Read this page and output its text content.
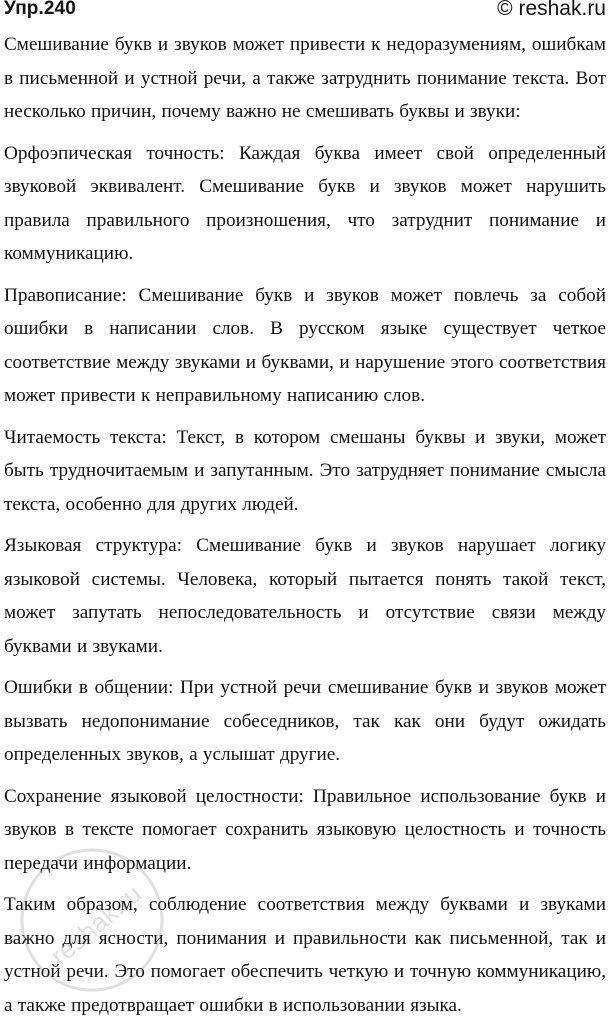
Упр.240	© reshak.ru

Смешивание букв и звуков может привести к недоразумениям, ошибкам в письменной и устной речи, а также затруднить понимание текста. Вот несколько причин, почему важно не смешивать буквы и звуки:

Орфоэпическая точность: Каждая буква имеет свой определенный звуковой эквивалент. Смешивание букв и звуков может нарушить правила правильного произношения, что затруднит понимание и коммуникацию.

Правописание: Смешивание букв и звуков может повлечь за собой ошибки в написании слов. В русском языке существует четкое соответствие между звуками и буквами, и нарушение этого соответствия может привести к неправильному написанию слов.

Читаемость текста: Текст, в котором смешаны буквы и звуки, может быть трудночитаемым и запутанным. Это затрудняет понимание смысла текста, особенно для других людей.

Языковая структура: Смешивание букв и звуков нарушает логику языковой системы. Человека, который пытается понять такой текст, может запутать непоследовательность и отсутствие связи между буквами и звуками.

Ошибки в общении: При устной речи смешивание букв и звуков может вызвать недопонимание собеседников, так как они будут ожидать определенных звуков, а услышат другие.

Сохранение языковой целостности: Правильное использование букв и звуков в тексте помогает сохранить языковую целостность и точность передачи информации.

Таким образом, соблюдение соответствия между буквами и звуками важно для ясности, понимания и правильности как письменной, так и устной речи. Это помогает обеспечить четкую и точную коммуникацию, а также предотвращает ошибки в использовании языка.

reshak.ru
